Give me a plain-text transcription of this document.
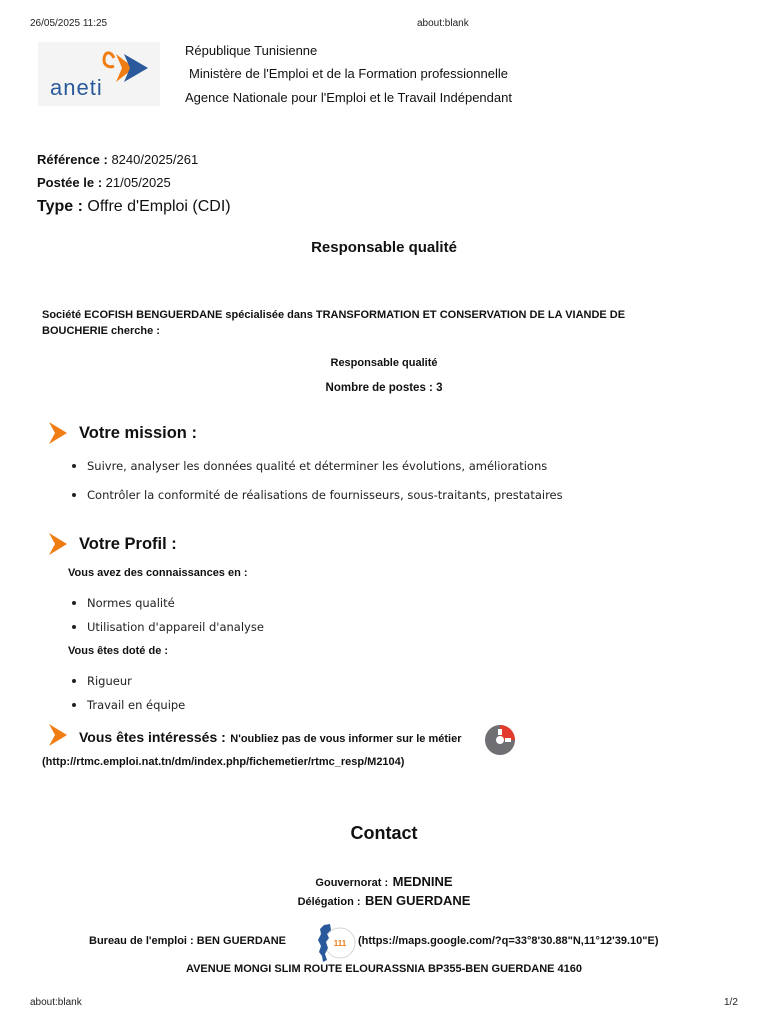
26/05/2025 11:25	about:blank
aneti
République Tunisienne
Ministère de l'Emploi et de la Formation professionnelle
Agence Nationale pour l'Emploi et le Travail Indépendant
Référence : 8240/2025/261
Postée le : 21/05/2025
Type : Offre d'Emploi (CDI)
Responsable qualité
Société ECOFISH BENGUERDANE spécialisée dans TRANSFORMATION ET CONSERVATION DE LA VIANDE DE
BOUCHERIE cherche :
Responsable qualité
Nombre de postes : 3
Votre mission :
Suivre, analyser les données qualité et déterminer les évolutions, améliorations
Contrôler la conformité de réalisations de fournisseurs, sous-traitants, prestataires
Votre Profil :
Vous avez des connaissances en :
Normes qualité
Utilisation d'appareil d'analyse
Vous êtes doté de :
Rigueur
Travail en équipe
Vous êtes intéressés : N'oubliez pas de vous informer sur le métier
(http://rtmc.emploi.nat.tn/dm/index.php/fichemetier/rtmc_resp/M2104)
Contact
Gouvernorat : MEDNINE
Délégation : BEN GUERDANE
Bureau de l'emploi : BEN GUERDANE	111 (https://maps.google.com/?q=33°8'30.88"N,11°12'39.10"E)
AVENUE MONGI SLIM ROUTE ELOURASSNIA BP355-BEN GUERDANE 4160
about:blank	1/2
